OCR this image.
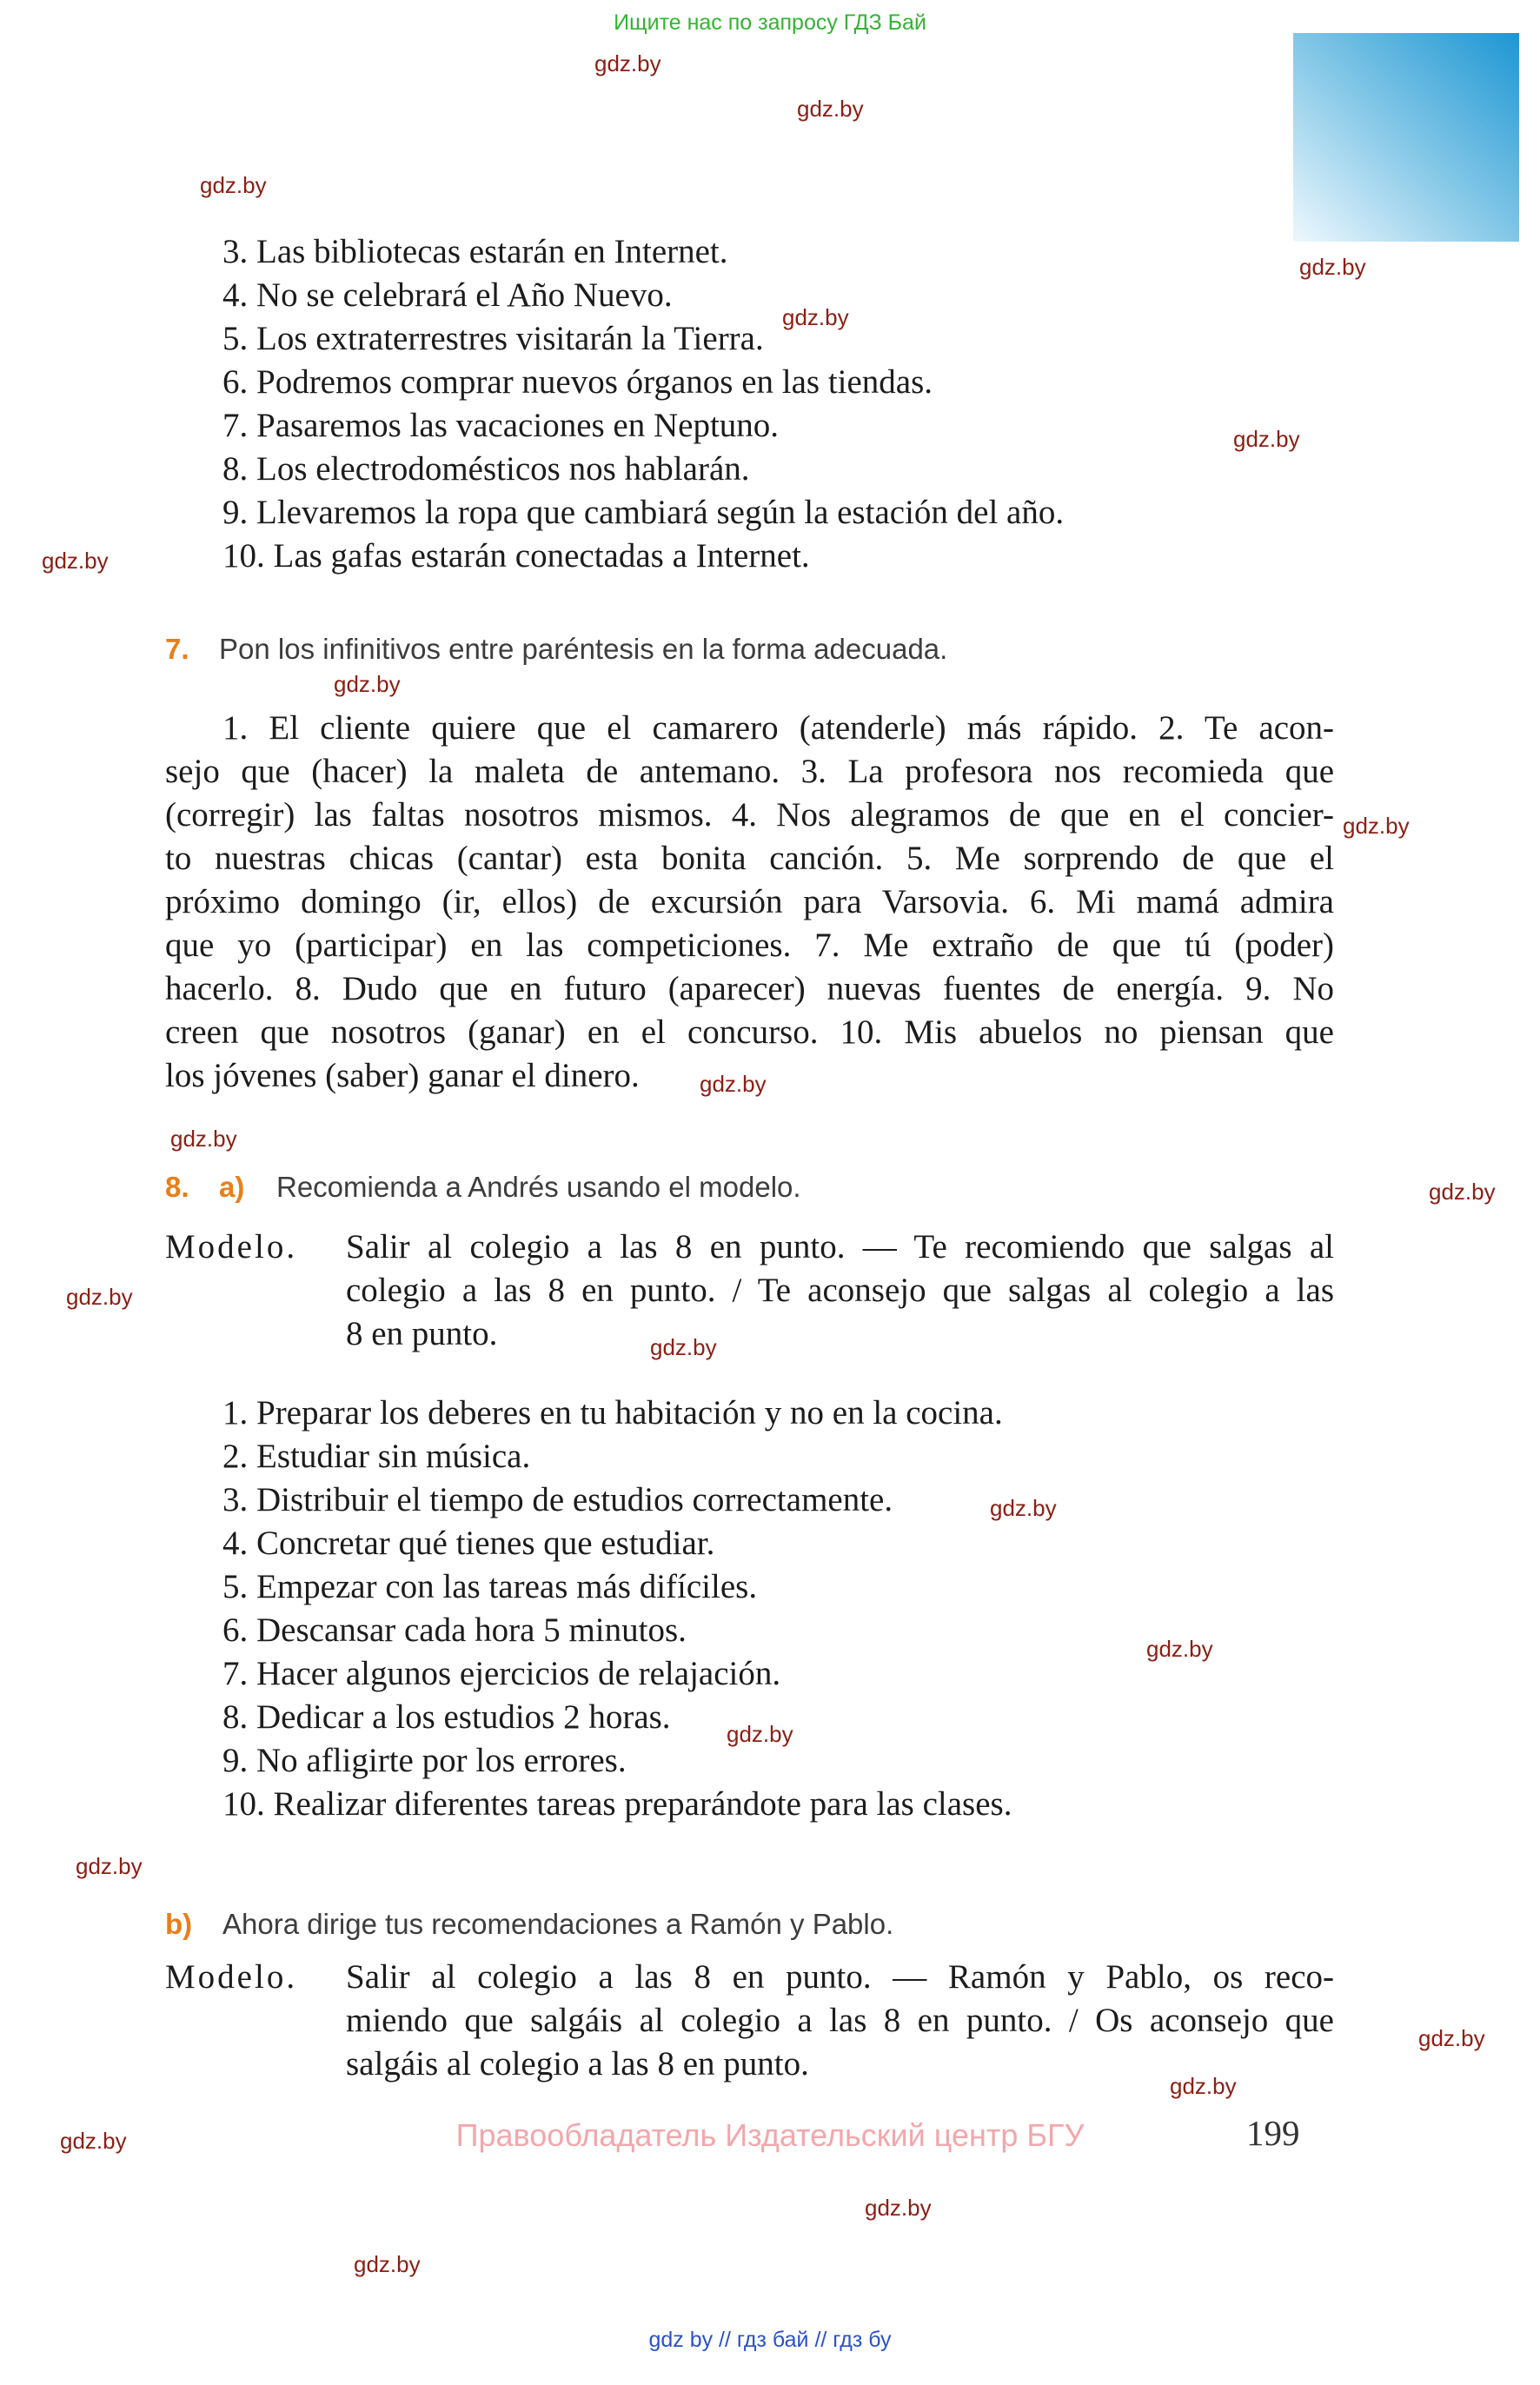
Ищите нас по запросу ГДЗ Бай
gdz.by
gdz.by
gdz.by
gdz.by
gdz.by
gdz.by
gdz.by
gdz.by
gdz.by
gdz.by
gdz.by
gdz.by
gdz.by
gdz.by
gdz.by
gdz.by
gdz.by
gdz.by
gdz.by
gdz.by
gdz.by
gdz.by
gdz.by
3. Las bibliotecas estarán en Internet.
4. No se celebrará el Año Nuevo.
5. Los extraterrestres visitarán la Tierra.
6. Podremos comprar nuevos órganos en las tiendas.
7. Pasaremos las vacaciones en Neptuno.
8. Los electrodomésticos nos hablarán.
9. Llevaremos la ropa que cambiará según la estación del año.
10. Las gafas estarán conectadas a Internet.
7.	Pon los infinitivos entre paréntesis en la forma adecuada.
1. El cliente quiere que el camarero (atenderle) más rápido. 2. Te acon-
sejo que (hacer) la maleta de antemano. 3. La profesora nos recomieda que
(corregir) las faltas nosotros mismos. 4. Nos alegramos de que en el concier-
to nuestras chicas (cantar) esta bonita canción. 5. Me sorprendo de que el
próximo domingo (ir, ellos) de excursión para Varsovia. 6. Mi mamá admira
que yo (participar) en las competiciones. 7. Me extraño de que tú (poder)
hacerlo. 8. Dudo que en futuro (aparecer) nuevas fuentes de energía. 9. No
creen que nosotros (ganar) en el concurso. 10. Mis abuelos no piensan que
los jóvenes (saber) ganar el dinero.
8.	a)	Recomienda a Andrés usando el modelo.
Modelo.	Salir al colegio a las 8 en punto. — Te recomiendo que salgas al
colegio a las 8 en punto. / Te aconsejo que salgas al colegio a las
8 en punto.
1. Preparar los deberes en tu habitación y no en la cocina.
2. Estudiar sin música.
3. Distribuir el tiempo de estudios correctamente.
4. Concretar qué tienes que estudiar.
5. Empezar con las tareas más difíciles.
6. Descansar cada hora 5 minutos.
7. Hacer algunos ejercicios de relajación.
8. Dedicar a los estudios 2 horas.
9. No afligirte por los errores.
10. Realizar diferentes tareas preparándote para las clases.
b)	Ahora dirige tus recomendaciones a Ramón y Pablo.
Modelo.	Salir al colegio a las 8 en punto. — Ramón y Pablo, os reco-
miendo que salgáis al colegio a las 8 en punto. / Os aconsejo que
salgáis al colegio a las 8 en punto.
Правообладатель Издательский центр БГУ	199
gdz by // гдз бай // гдз бу
